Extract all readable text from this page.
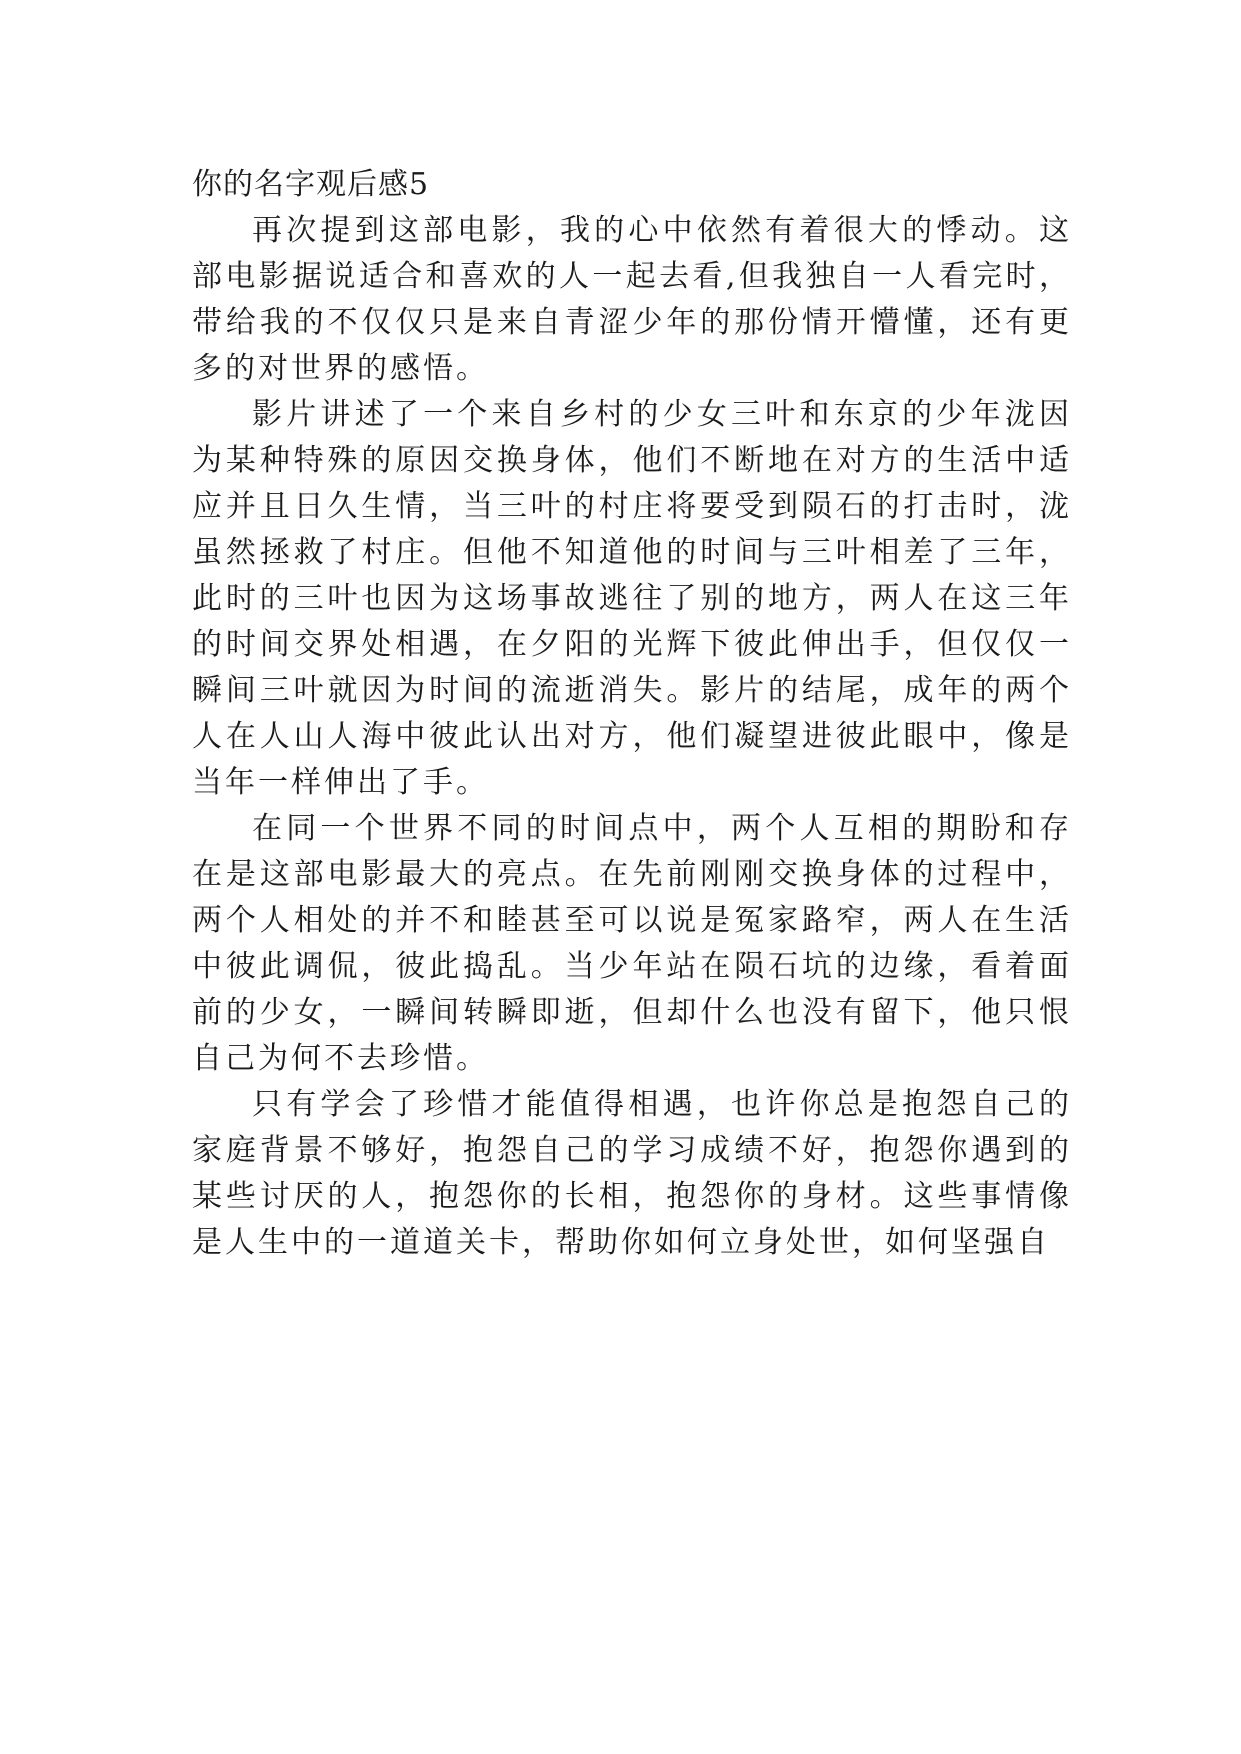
你的名字观后感5

再次提到这部电影，我的心中依然有着很大的悸动。这部电影据说适合和喜欢的人一起去看,但我独自一人看完时，带给我的不仅仅只是来自青涩少年的那份情开懵懂，还有更多的对世界的感悟。

影片讲述了一个来自乡村的少女三叶和东京的少年泷因为某种特殊的原因交换身体，他们不断地在对方的生活中适应并且日久生情，当三叶的村庄将要受到陨石的打击时，泷虽然拯救了村庄。但他不知道他的时间与三叶相差了三年，此时的三叶也因为这场事故逃往了别的地方，两人在这三年的时间交界处相遇，在夕阳的光辉下彼此伸出手，但仅仅一瞬间三叶就因为时间的流逝消失。影片的结尾，成年的两个人在人山人海中彼此认出对方，他们凝望进彼此眼中，像是当年一样伸出了手。

在同一个世界不同的时间点中，两个人互相的期盼和存在是这部电影最大的亮点。在先前刚刚交换身体的过程中，两个人相处的并不和睦甚至可以说是冤家路窄，两人在生活中彼此调侃，彼此捣乱。当少年站在陨石坑的边缘，看着面前的少女，一瞬间转瞬即逝，但却什么也没有留下，他只恨自己为何不去珍惜。

只有学会了珍惜才能值得相遇，也许你总是抱怨自己的家庭背景不够好，抱怨自己的学习成绩不好，抱怨你遇到的某些讨厌的人，抱怨你的长相，抱怨你的身材。这些事情像是人生中的一道道关卡，帮助你如何立身处世，如何坚强自
